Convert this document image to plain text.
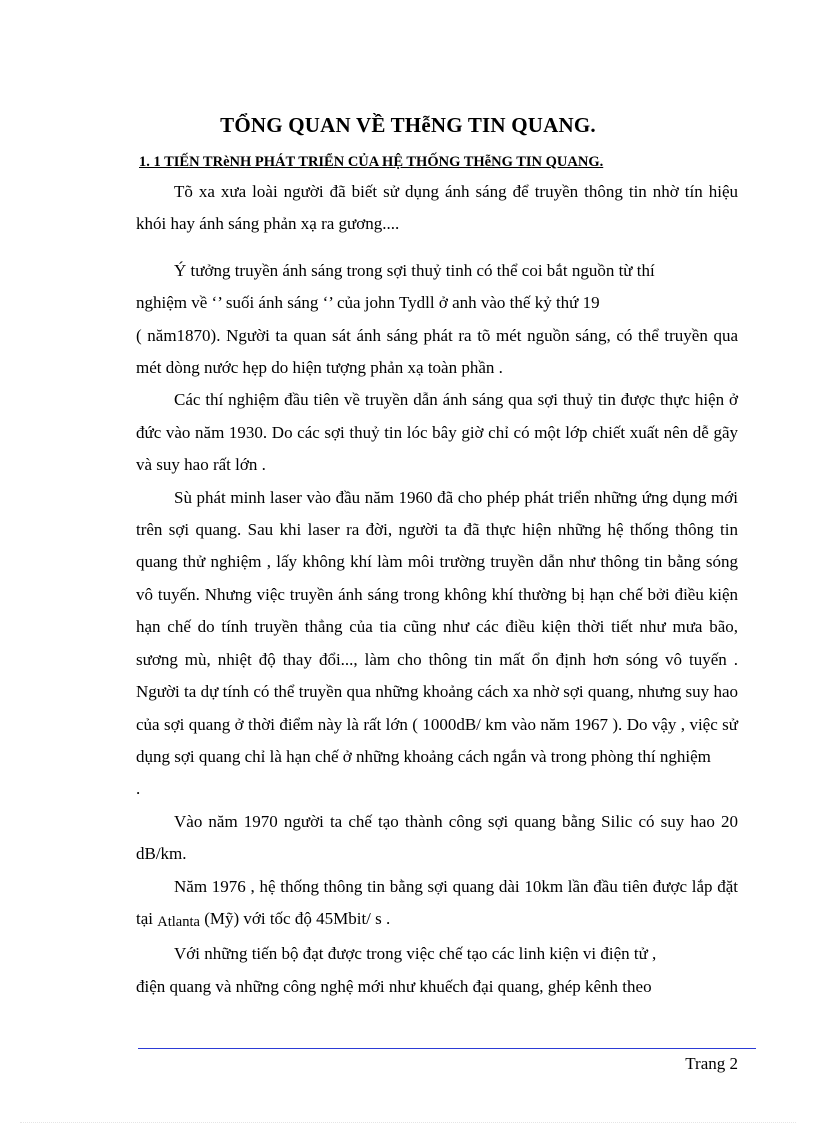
TỔNG QUAN VỀ THễNG TIN QUANG.
1. 1 TIẾN TRèNH PHÁT TRIỂN CỦA HỆ THỐNG THễNG TIN QUANG.

Tõ xa xưa loài người đã biết sử dụng ánh sáng để truyền thông tin nhờ tín hiệu khói hay ánh sáng phản xạ ra gương....

Ý tưởng truyền ánh sáng trong sợi thuỷ tinh có thể coi bắt nguồn từ thí

nghiệm về ‘’ suối ánh sáng ‘’ của john Tydll ở anh vào thế kỷ thứ 19

( năm1870). Người ta quan sát ánh sáng phát ra tõ mét nguồn sáng, có thể truyền qua mét dòng nước hẹp do hiện tượng phản xạ toàn phần .

Các thí nghiệm đầu tiên về truyền dẫn ánh sáng qua sợi thuỷ tin được thực hiện ở đức vào năm 1930. Do các sợi thuỷ tin lóc bây giờ chỉ có một lớp chiết xuất nên dễ gãy và suy hao rất lớn .

Sù phát minh laser vào đầu năm 1960 đã cho phép phát triển những ứng dụng mới trên sợi quang. Sau khi laser ra đời, người ta đã thực hiện những hệ thống thông tin quang thử nghiệm , lấy không khí làm môi trường truyền dẫn như thông tin bằng sóng vô tuyến. Nhưng việc truyền ánh sáng trong không khí thường bị hạn chế bởi điều kiện hạn chế do tính truyền thẳng của tia cũng như các điều kiện thời tiết như mưa bão, sương mù, nhiệt độ thay đổi..., làm cho thông tin mất ổn định hơn sóng vô tuyến . Người ta dự tính có thể truyền qua những khoảng cách xa nhờ sợi quang, nhưng suy hao của sợi quang ở thời điểm này là rất lớn ( 1000dB/ km vào năm 1967 ). Do vậy , việc sử dụng sợi quang chỉ là hạn chế ở những khoảng cách ngắn và trong phòng thí nghiệm

.

Vào năm 1970 người ta chế tạo thành công sợi quang bằng Silic có suy hao 20 dB/km.

Năm 1976 , hệ thống thông tin bằng sợi quang dài 10km lần đầu tiên được lắp đặt tại Atlanta (Mỹ) với tốc độ 45Mbit/ s .

Với những tiến bộ đạt được trong việc chế tạo các linh kiện vi điện tử ,

điện quang và những công nghệ mới như khuếch đại quang, ghép kênh theo

Trang 2
